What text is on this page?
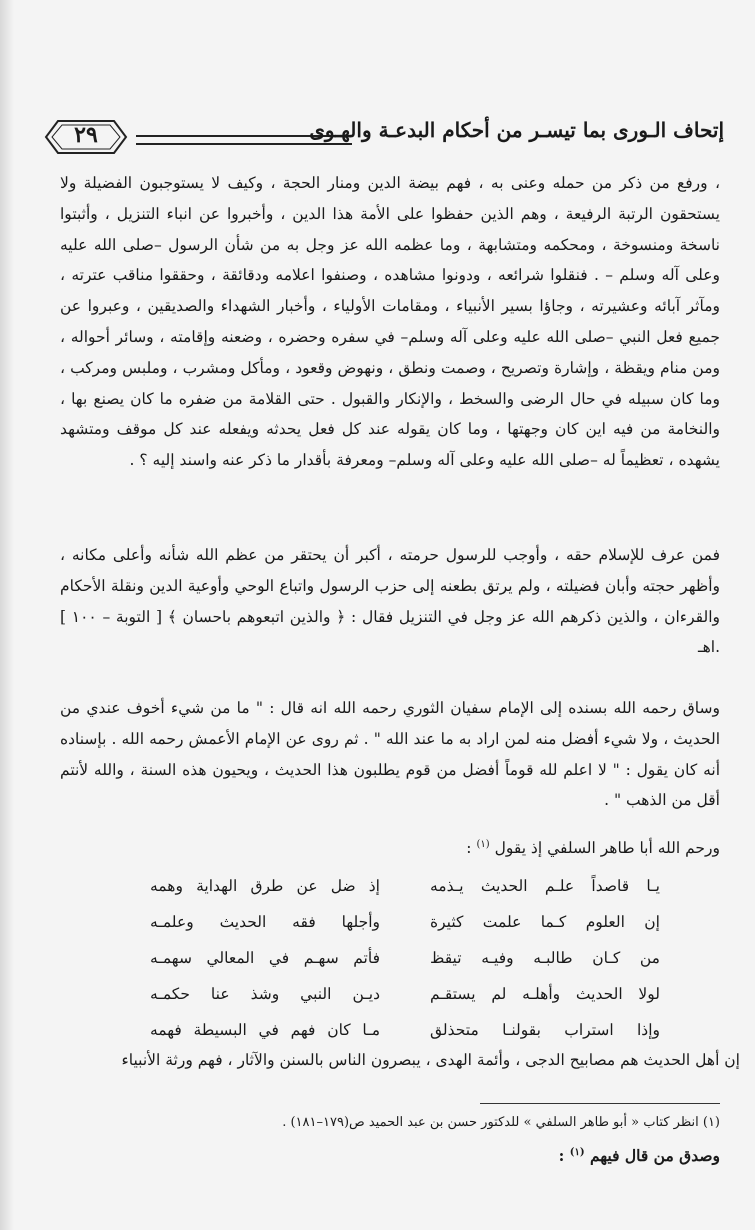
٢٩	إتحاف الـورى بما تيسـر من أحكام البدعـة والهـوى
، ورفع من ذكر من حمله وعنى به ، فهم بيضة الدين ومنار الحجة ، وكيف لا يستوجبون الفضيلة ولا يستحقون الرتبة الرفيعة ، وهم الذين حفظوا على الأمة هذا الدين ، وأخبروا عن انباء التنزيل ، وأثبتوا ناسخة ومنسوخة ، ومحكمه ومتشابهة ، وما عظمه الله عز وجل به من شأن الرسول –صلى الله عليه وعلى آله وسلم – . فنقلوا شرائعه ، ودونوا مشاهده ، وصنفوا اعلامه ودقائقة ، وحققوا مناقب عترته ، ومآثر آبائه وعشيرته ، وجاؤا بسير الأنبياء ، ومقامات الأولياء ، وأخبار الشهداء والصديقين ، وعبروا عن جميع فعل النبي –صلى الله عليه وعلى آله وسلم– في سفره وحضره ، وضعنه وإقامته ، وسائر أحواله ، ومن منام ويقظة ، وإشارة وتصريح ، وصمت ونطق ، ونهوض وقعود ، ومأكل ومشرب ، وملبس ومركب ، وما كان سبيله في حال الرضى والسخط ، والإنكار والقبول . حتى القلامة من ضفره ما كان يصنع بها ، والنخامة من فيه اين كان وجهتها ، وما كان يقوله عند كل فعل يحدثه ويفعله عند كل موقف ومتشهد يشهده ، تعظيماً له –صلى الله عليه وعلى آله وسلم– ومعرفة بأقدار ما ذكر عنه واسند إليه ؟ .
فمن عرف للإسلام حقه ، وأوجب للرسول حرمته ، أكبر أن يحتقر من عظم الله شأنه وأعلى مكانه ، وأظهر حجته وأبان فضيلته ، ولم يرتق بطعنه إلى حزب الرسول واتباع الوحي وأوعية الدين ونقلة الأحكام والقرءان ، والذين ذكرهم الله عز وجل في التنزيل فقال : ﴿ والذين اتبعوهم باحسان ﴾ [ التوبة – ١٠٠ ] .اهـ
وساق رحمه الله بسنده إلى الإمام سفيان الثوري رحمه الله انه قال : " ما من شيء أخوف عندي من الحديث ، ولا شيء أفضل منه لمن اراد به ما عند الله " . ثم روى عن الإمام الأعمش رحمه الله . بإسناده أنه كان يقول : " لا اعلم لله قوماً أفضل من قوم يطلبون هذا الحديث ، ويحيون هذه السنة ، والله لأنتم أقل من الذهب " .
ورحم الله أبا طاهر السلفي إذ يقول $^{(١)}$ :
يـا قاصداً علـم الحديث يـذمه
إذ ضل عن طرق الهداية وهمه
إن العلوم كـما علمت كثيرة
وأجلها فقه الحديث وعلمـه
من كـان طالبـه وفيـه تيقظ
فأتم سهـم في المعالي سهمـه
لولا الحديث وأهلـه لم يستقـم
ديـن النبي وشذ عنا حكمـه
وإذا استراب بقولنـا متحذلق
مـا كان فهم في البسيطة فهمه
إن أهل الحديث هم مصابيح الدجى ، وأئمة الهدى ، يبصرون الناس بالسنن والآثار ، فهم ورثة الأنبياء
(١) انظر كتاب « أبو طاهر السلفي » للدكتور حسن بن عبد الحميد ص(١٧٩–١٨١) .
وصدق من قال فيهم $^{(١)}$ :
